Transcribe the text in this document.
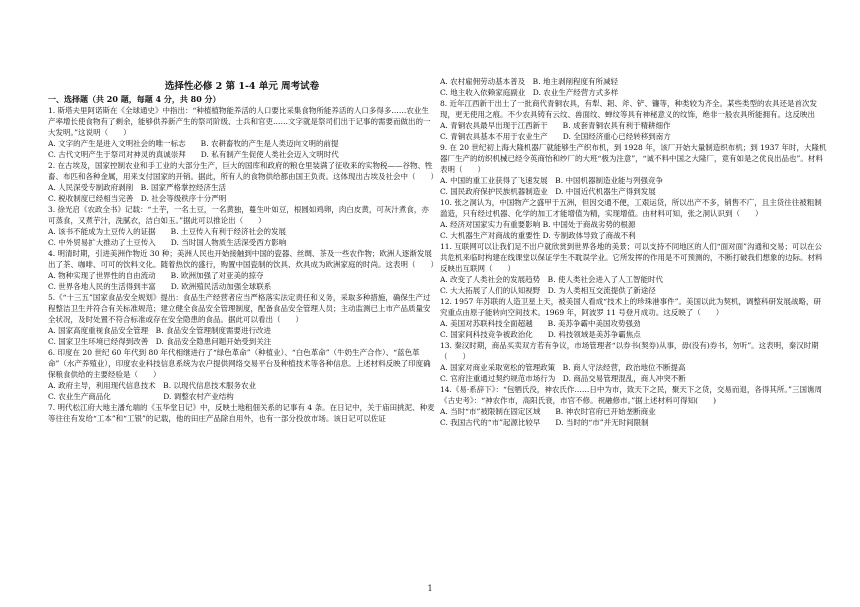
选择性必修 2 第 1-4 单元 周考试卷
一、选择题（共 20 题，每题 4 分，共 80 分）

1. 斯塔夫里阿诺斯在《全球通史》中指出：“种植植物能养活的人口要比采集食物所能养活的人口多得多……农业生产率增长使食物有了剩余，能够供养新产生的祭司阶级、士兵和官吏……文字就是祭司们出于记事的需要而做出的一大发明。”这说明（　　）

A. 文字的产生是进入文明社会的唯一标志　　B. 农耕畜牧的产生是人类迈向文明的前提

C. 古代文明产生于祭司对神灵的真诚崇拜　　D. 私有制产生促使人类社会迈入文明时代

2. 在古埃及，国家控制农业和手工业的大部分生产，巨大的国库和政府的粮仓里装满了征收来的实物税——谷物、牲畜、布匹和各种金属，用来支付国家的开销。据此，所有人的食物供给都由国王负责。这体现出古埃及社会中（　　）

A. 人民深受专制政府剥削　B. 国家严格掌控经济生活

C. 税收制度已经相当完善　D. 社会等级秩序十分严明

3. 徐光启《农政全书》记载：“土芋，一名土豆，一名黄独，蔓生叶如豆，根圆如鸡卵，肉白皮黄，可灰汁煮食，亦可蒸食，又煮芋汁，洗腻衣，洁白如玉。”据此可以推论出（　　）

A. 该书不能成为土豆传入的证据　　B. 土豆传入有利于经济社会的发展

C. 中外贸易扩大推动了土豆传入　　D. 当时国人物质生活深受西方影响

4. 明清时期，引进美洲作物近 30 种；美洲人民也开始接触到中国的瓷器、丝绸、茶及一些农作物；欧洲人逐渐发展出了茶、咖啡、可可的饮料文化。随着热饮的盛行，购置中国瓷制的饮具、炊具成为欧洲家庭的时尚。这表明（　　）

A. 物种实现了世界性的自由流动　　B. 欧洲加强了对亚美的掠夺

C. 世界各地人民的生活得到丰富　　D. 欧洲殖民活动加强全球联系

5.《“十三五”国家食品安全规划》提出：食品生产经营者应当严格落实法定责任和义务，采取多种措施，确保生产过程整洁卫生并符合有关标准规范；建立健全食品安全管理制度，配备食品安全管理人员；主动监测已上市产品质量安全状况，及时处置不符合标准或存在安全隐患的食品。据此可以看出（　　）

A. 国家高度重视食品安全管理　B. 食品安全管理制度需要进行改进

C. 国家卫生环境已经得到改善　D. 食品安全隐患问题开始受到关注

6. 印度在 20 世纪 60 年代到 80 年代相继进行了“绿色革命”（种植业）、“白色革命”（牛奶生产合作）、“蓝色革命”（水产养殖业），印度农业科技信息系统为农户提供网络交易平台及种植技术等各种信息。上述材料反映了印度确保粮食供给的主要经验是（　　）

A. 政府主导，利用现代信息技术　B. 以现代信息技术服务农业

C. 农业生产商品化　　　　　　　D. 调整农村产业结构

7. 明代松江府大地主潘允端的《玉华堂日记》中，反映土地租佃关系的记事有 4 条。在日记中，关于庙田挑泥、种麦等往往有发给“工本”和“工银”的记载，他的田庄产品除自用外，也有一部分投放市场。该日记可以佐证

A. 农村雇佣劳动基本普及　B. 地主剥削程度有所减轻

C. 地主收入依赖家庭副业　D. 农业生产经营方式多样

8. 近年江西新干出土了一批商代青铜农具，有犁、耜、斧、铲、镰等，种类较为齐全。某些类型的农具还是首次发现，更无使用之痕。不少农具铸有云纹、兽面纹、蝉纹等具有神秘意义的纹饰，绝非一般农具所能拥有。这反映出

A. 青铜农具最早出现于江西新干　　B. 成套青铜农具有利于精耕细作

C. 青铜农具基本不用于农业生产　　D. 全国经济重心已经转移到南方

9. 在 20 世纪初上海大隆机器厂就能够生产织布机，到 1928 年，该厂开始大量制造织布机；到 1937 年时，大隆机器厂生产的纺织机械已经令英商怡和纱厂的大班“极为注意”，“诚不料中国之大隆厂，竟有如是之优良出品也”。材料表明（　　）

A. 中国的重工业获得了飞速发展　B. 中国机器制造业能与列强竞争

C. 国民政府保护民族机器制造业　D. 中国近代机器生产得到发展

10. 张之洞认为，中国物产之盛甲于五洲，但因交通不便，工艰运货，所以出产不多，销售不广，且主货往往被粗制滥造，只有经过机器、化学的加工才能增值为精，实现增值。由材料可知，张之洞认识到（　　）

A. 经济对国家实力有重要影响 B. 中国处于商战劣势的根源

C. 大机器生产对商战的重要性 D. 专制政体导致了商战不利

11. 互联网可以让我们足不出户就欣赏到世界各地的美景；可以支持不同地区的人们“面对面”沟通和交易；可以在公共危机来临时构建在线课堂以保证学生不耽误学业。它所发挥的作用是不可预测的，不断打破我们想象的边际。材料反映出互联网（　　）

A. 改变了人类社会的发展趋势　B. 使人类社会进入了人工智能时代

C. 大大拓展了人们的认知视野　D. 为人类相互交流提供了新途径

12. 1957 年苏联的人造卫星上天，被美国人看成“技术上的珍珠港事件”。美国以此为契机，调整科研发展战略，研究重点由原子能转向空间技术。1969 年，阿波罗 11 号登月成功。这反映了（　　）

A. 美国对苏联科技全面超越　　B. 美苏争霸中美国攻势强劲

C. 国家间科技竞争被政治化　　D. 科技领域是美苏争霸焦点

13. 秦汉时期，商品买卖双方若有争议，市场管理者“以券书(契券)从事，毋(没有)券书，勿听”。这表明，秦汉时期（　　）

A. 国家对商业采取宽松的管理政策　B. 商人守法经营，政治地位不断提高

C. 官府注重通过契约规范市场行为　D. 商品交易管理混乱，商人冲突不断

14.《易·系辞下》：“包牺氏没，神农氏作……日中为市，致天下之民，聚天下之货，交易而退，各得其所。”三国谯周《古史考》：“神农作市，高阳氏衰，市官不修。祝融修市。”据上述材料可得知(　　)

A. 当时“市”被限制在固定区域　　B. 神农时官府已开始垄断商业

C. 我国古代的“市”起源比较早　　D. 当时的“市”并无时间限制

1
